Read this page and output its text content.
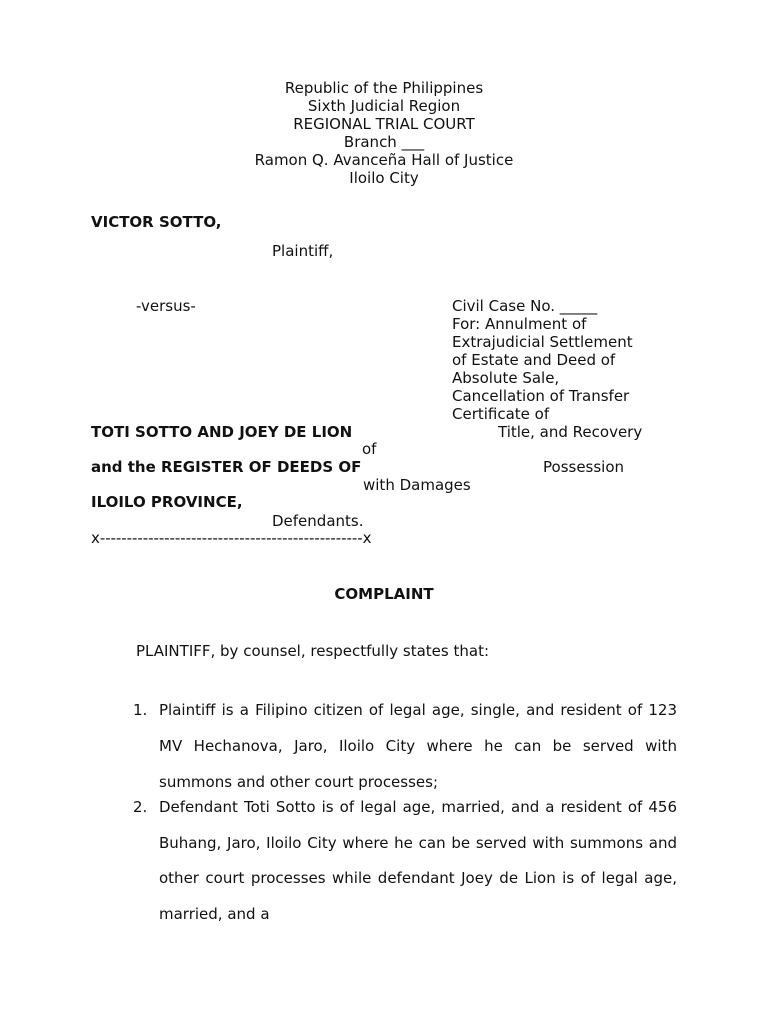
Republic of the Philippines
Sixth Judicial Region
REGIONAL TRIAL COURT
Branch ___
Ramon Q. Avanceña Hall of Justice
Iloilo City
VICTOR SOTTO,
Plaintiff,
-versus-	Civil Case No. _____
For: Annulment of
Extrajudicial Settlement
of Estate and Deed of
Absolute Sale,
Cancellation of Transfer
Certificate of
TOTI SOTTO AND JOEY DE LION	Title, and Recovery
of
and the REGISTER OF DEEDS OF	Possession
with Damages
ILOILO PROVINCE,
Defendants.
x-------------------------------------------------x
COMPLAINT
PLAINTIFF, by counsel, respectfully states that:
1. Plaintiff is a Filipino citizen of legal age, single, and resident of 123 MV Hechanova, Jaro, Iloilo City where he can be served with summons and other court processes;
2. Defendant Toti Sotto is of legal age, married, and a resident of 456 Buhang, Jaro, Iloilo City where he can be served with summons and other court processes while defendant Joey de Lion is of legal age, married, and a
